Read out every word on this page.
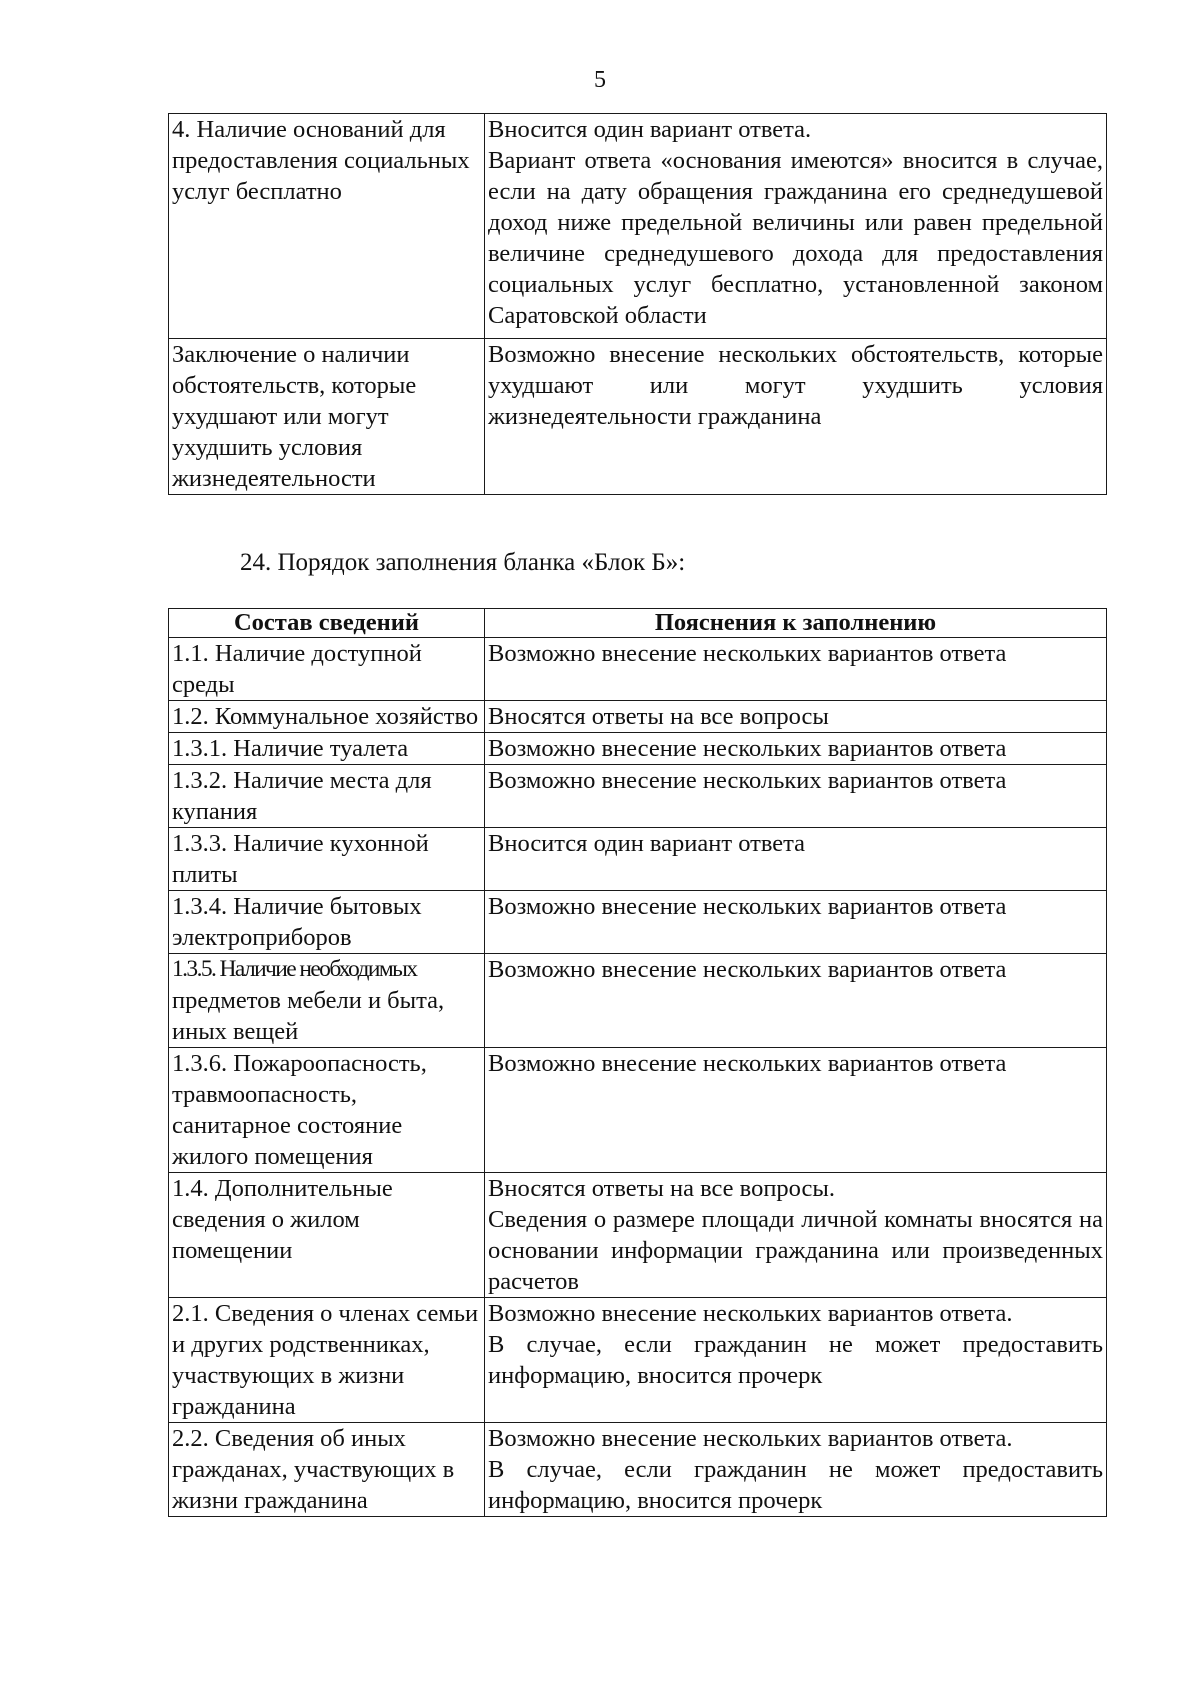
5
4. Наличие оснований для предоставления социальных услуг бесплатно	Вносится один вариант ответа.
Вариант ответа «основания имеются» вносится в случае, если на дату обращения гражданина его среднедушевой доход ниже предельной величины или равен предельной величине среднедушевого дохода для предоставления социальных услуг бесплатно, установленной законом Саратовской области

Заключение о наличии обстоятельств, которые ухудшают или могут ухудшить условия жизнедеятельности	Возможно внесение нескольких обстоятельств, которые ухудшают или могут ухудшить условия жизнедеятельности гражданина
24. Порядок заполнения бланка «Блок Б»:
Состав сведений	Пояснения к заполнению
1.1. Наличие доступной среды	Возможно внесение нескольких вариантов ответа

1.2. Коммунальное хозяйство	Вносятся ответы на все вопросы

1.3.1. Наличие туалета	Возможно внесение нескольких вариантов ответа

1.3.2. Наличие места для купания	Возможно внесение нескольких вариантов ответа

1.3.3. Наличие кухонной плиты	Вносится один вариант ответа

1.3.4. Наличие бытовых электроприборов	Возможно внесение нескольких вариантов ответа

1.3.5. Наличие необходимых
предметов мебели и быта, иных вещей	Возможно внесение нескольких вариантов ответа

1.3.6. Пожароопасность, травмоопасность, санитарное состояние жилого помещения	Возможно внесение нескольких вариантов ответа

1.4. Дополнительные сведения о жилом помещении	Вносятся ответы на все вопросы.
Сведения о размере площади личной комнаты вносятся на основании информации гражданина или произведенных расчетов

2.1. Сведения о членах семьи и других родственниках, участвующих в жизни гражданина	Возможно внесение нескольких вариантов ответа.
В случае, если гражданин не может предоставить информацию, вносится прочерк

2.2. Сведения об иных гражданах, участвующих в жизни гражданина	Возможно внесение нескольких вариантов ответа.
В случае, если гражданин не может предоставить информацию, вносится прочерк
